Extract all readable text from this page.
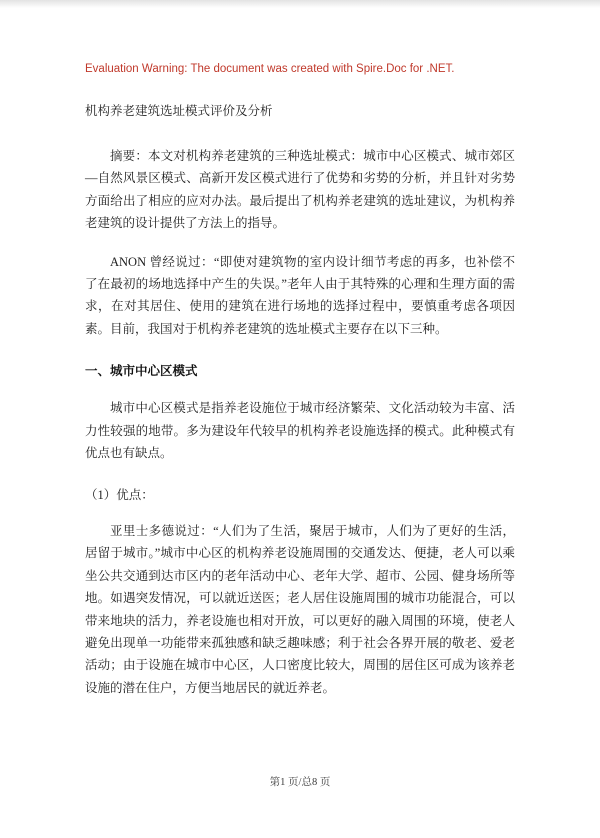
Evaluation Warning: The document was created with Spire.Doc for .NET.

机构养老建筑选址模式评价及分析

摘要：本文对机构养老建筑的三种选址模式：城市中心区模式、城市郊区—自然风景区模式、高新开发区模式进行了优势和劣势的分析，并且针对劣势方面给出了相应的应对办法。最后提出了机构养老建筑的选址建议，为机构养老建筑的设计提供了方法上的指导。

ANON 曾经说过：“即使对建筑物的室内设计细节考虑的再多，也补偿不了在最初的场地选择中产生的失误。”老年人由于其特殊的心理和生理方面的需求，在对其居住、使用的建筑在进行场地的选择过程中，要慎重考虑各项因素。目前，我国对于机构养老建筑的选址模式主要存在以下三种。

一、城市中心区模式

城市中心区模式是指养老设施位于城市经济繁荣、文化活动较为丰富、活力性较强的地带。多为建设年代较早的机构养老设施选择的模式。此种模式有优点也有缺点。

（1）优点：

亚里士多德说过：“人们为了生活，聚居于城市，人们为了更好的生活，居留于城市。”城市中心区的机构养老设施周围的交通发达、便捷，老人可以乘坐公共交通到达市区内的老年活动中心、老年大学、超市、公园、健身场所等地。如遇突发情况，可以就近送医；老人居住设施周围的城市功能混合，可以带来地块的活力，养老设施也相对开放，可以更好的融入周围的环境，使老人避免出现单一功能带来孤独感和缺乏趣味感；利于社会各界开展的敬老、爱老活动；由于设施在城市中心区，人口密度比较大，周围的居住区可成为该养老设施的潜在住户，方便当地居民的就近养老。

第1 页/总8 页
